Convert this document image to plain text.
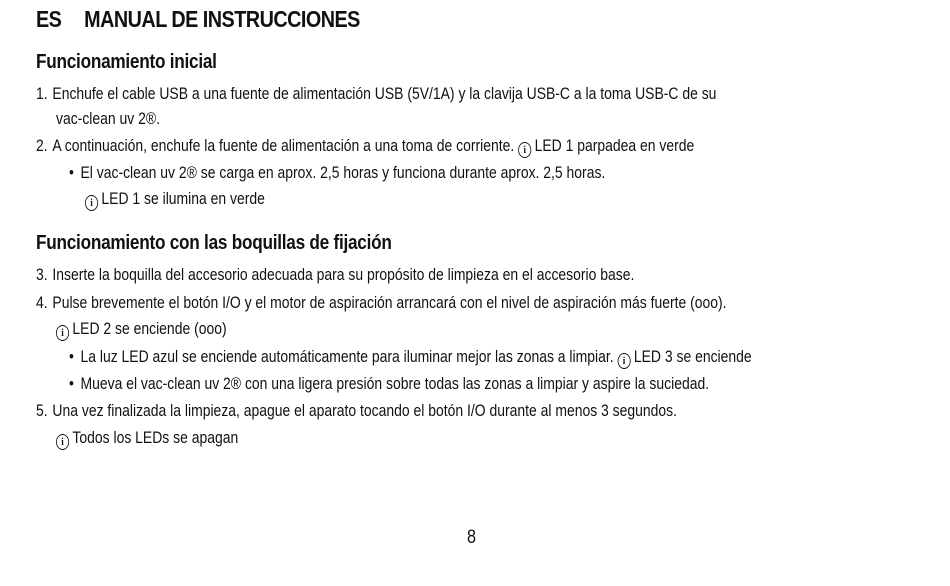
ES MANUAL DE INSTRUCCIONES
Funcionamiento inicial
1. Enchufe el cable USB a una fuente de alimentación USB (5V/1A) y la clavija USB-C a la toma USB-C de su
vac-clean uv 2®.
2. A continuación, enchufe la fuente de alimentación a una toma de corriente. i LED 1 parpadea en verde
• El vac-clean uv 2® se carga en aprox. 2,5 horas y funciona durante aprox. 2,5 horas.
i LED 1 se ilumina en verde
Funcionamiento con las boquillas de fijación
3. Inserte la boquilla del accesorio adecuada para su propósito de limpieza en el accesorio base.
4. Pulse brevemente el botón I/O y el motor de aspiración arrancará con el nivel de aspiración más fuerte (ooo).
i LED 2 se enciende (ooo)
• La luz LED azul se enciende automáticamente para iluminar mejor las zonas a limpiar. i LED 3 se enciende
• Mueva el vac-clean uv 2® con una ligera presión sobre todas las zonas a limpiar y aspire la suciedad.
5. Una vez finalizada la limpieza, apague el aparato tocando el botón I/O durante al menos 3 segundos.
i Todos los LEDs se apagan
8
